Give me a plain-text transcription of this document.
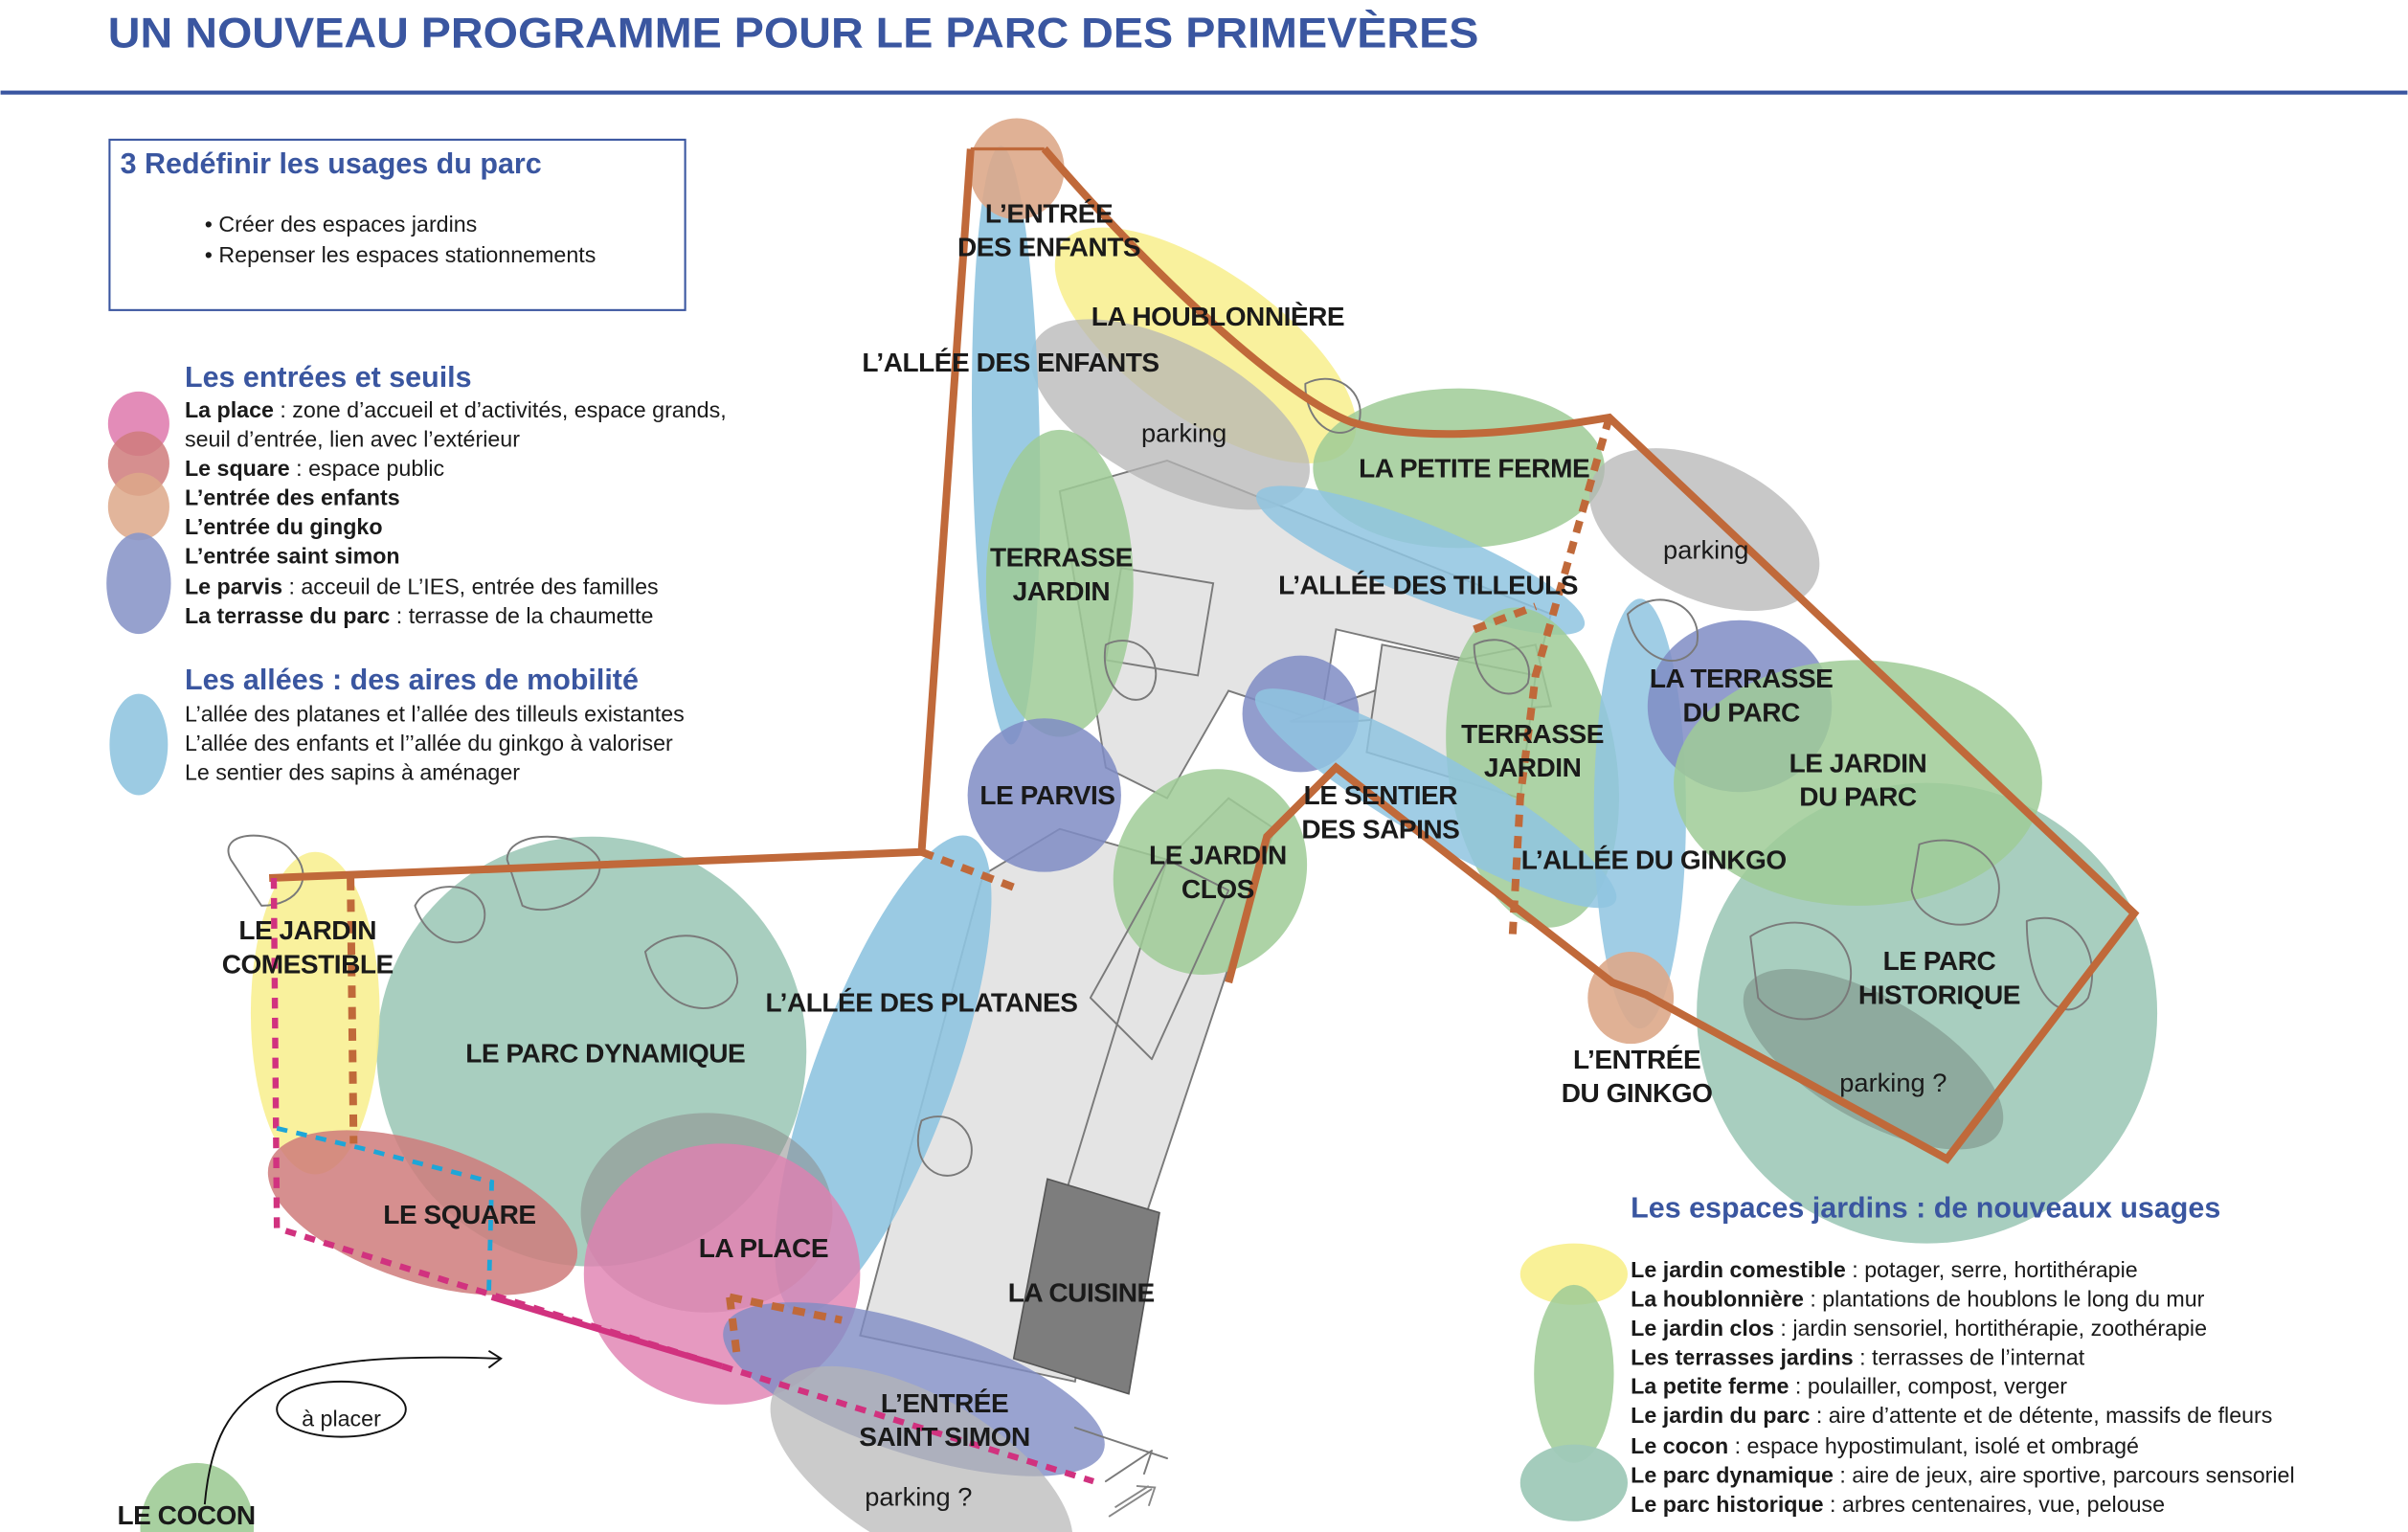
UN NOUVEAU PROGRAMME POUR LE PARC DES PRIMEVÈRES
3 Redéfinir les usages du parc
• Créer des espaces jardins
• Repenser les espaces stationnements
Les entrées et seuils
La place : zone d’accueil et d’activités, espace grands,
seuil d’entrée, lien avec l’extérieur
Le square : espace public
L’entrée des enfants
L’entrée du gingko
L’entrée saint simon
Le parvis : acceuil de L’IES, entrée des familles
La terrasse du parc : terrasse de la chaumette
Les allées : des aires de mobilité
L’allée des platanes et l’allée des tilleuls existantes
L’allée des enfants et l’’allée du ginkgo à valoriser
Le sentier des sapins à aménager
à placer
L’ENTRÉE DES ENFANTS
LA HOUBLONNIÈRE
L’ALLÉE DES ENFANTS
parking
LA PETITE FERME
parking
TERRASSE JARDIN	L’ALLÉE DES TILLEULS
LA TERRASSE DU PARC
TERRASSE JARDIN	LE JARDIN DU PARC
LE PARVIS	LE SENTIER DES SAPINS
LE JARDIN CLOS
L’ALLÉE DU GINKGO
LE JARDIN COMESTIBLE
L’ALLÉE DES PLATANES
LE PARC HISTORIQUE
LE PARC DYNAMIQUE	L’ENTRÉE DU GINKGO	parking ?
LE SQUARE
LA PLACE
LA CUISINE
L’ENTRÉE SAINT SIMON
parking ?
LE COCON
Les espaces jardins : de nouveaux usages
Le jardin comestible : potager, serre, hortithérapie
La houblonnière : plantations de houblons le long du mur
Le jardin clos : jardin sensoriel, hortithérapie, zoothérapie
Les terrasses jardins : terrasses de l’internat
La petite ferme : poulailler, compost, verger
Le jardin du parc : aire d’attente et de détente, massifs de fleurs
Le cocon : espace hypostimulant, isolé et ombragé
Le parc dynamique : aire de jeux, aire sportive, parcours sensoriel
Le parc historique : arbres centenaires, vue, pelouse
